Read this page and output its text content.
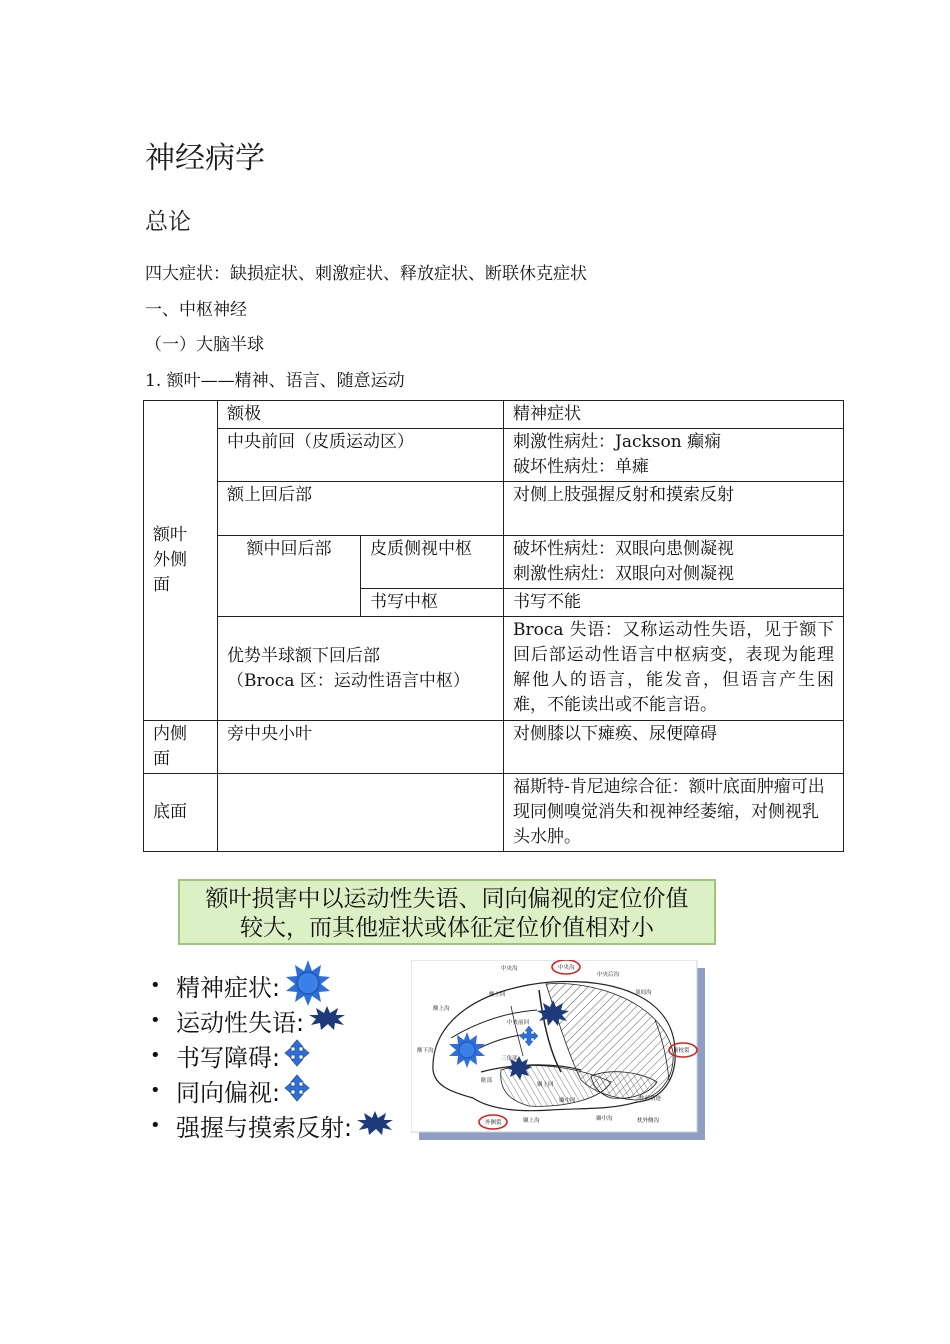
神经病学
总论
四大症状：缺损症状、刺激症状、释放症状、断联休克症状
一、中枢神经
（一）大脑半球
1. 额叶——精神、语言、随意运动
额叶外侧面	额极		精神症状
	中央前回（皮质运动区）		刺激性病灶：Jackson 癫痫
破坏性病灶：单瘫

	额上回后部		对侧上肢强握反射和摸索反射
	额中回后部	皮质侧视中枢	破坏性病灶：双眼向患侧凝视
刺激性病灶：双眼向对侧凝视

		书写中枢	书写不能

	优势半球额下回后部
（Broca 区：运动性语言中枢）		Broca 失语：又称运动性失语，见于额下回后部运动性语言中枢病变，表现为能理解他人的语言，能发音，但语言产生困难，不能读出或不能言语。

内侧面	旁中央小叶		对侧膝以下瘫痪、尿便障碍
底面			福斯特-肯尼迪综合征：额叶底面肿瘤可出现同侧嗅觉消失和视神经萎缩，对侧视乳头水肿。
额叶损害中以运动性失语、同向偏视的定位价值
较大，而其他症状或体征定位价值相对小
• 精神症状:
• 运动性失语:
• 书写障碍:
• 同向偏视:
• 强握与摸索反射:
中央沟	中央沟
中央后沟
顶间沟
顶枕裂
枕前切迹
枕外侧沟
颞中沟
颞上沟
外侧裂
额下沟
额上沟
额上回
中央前回
三角部
眶部
颞上回
颞中回
